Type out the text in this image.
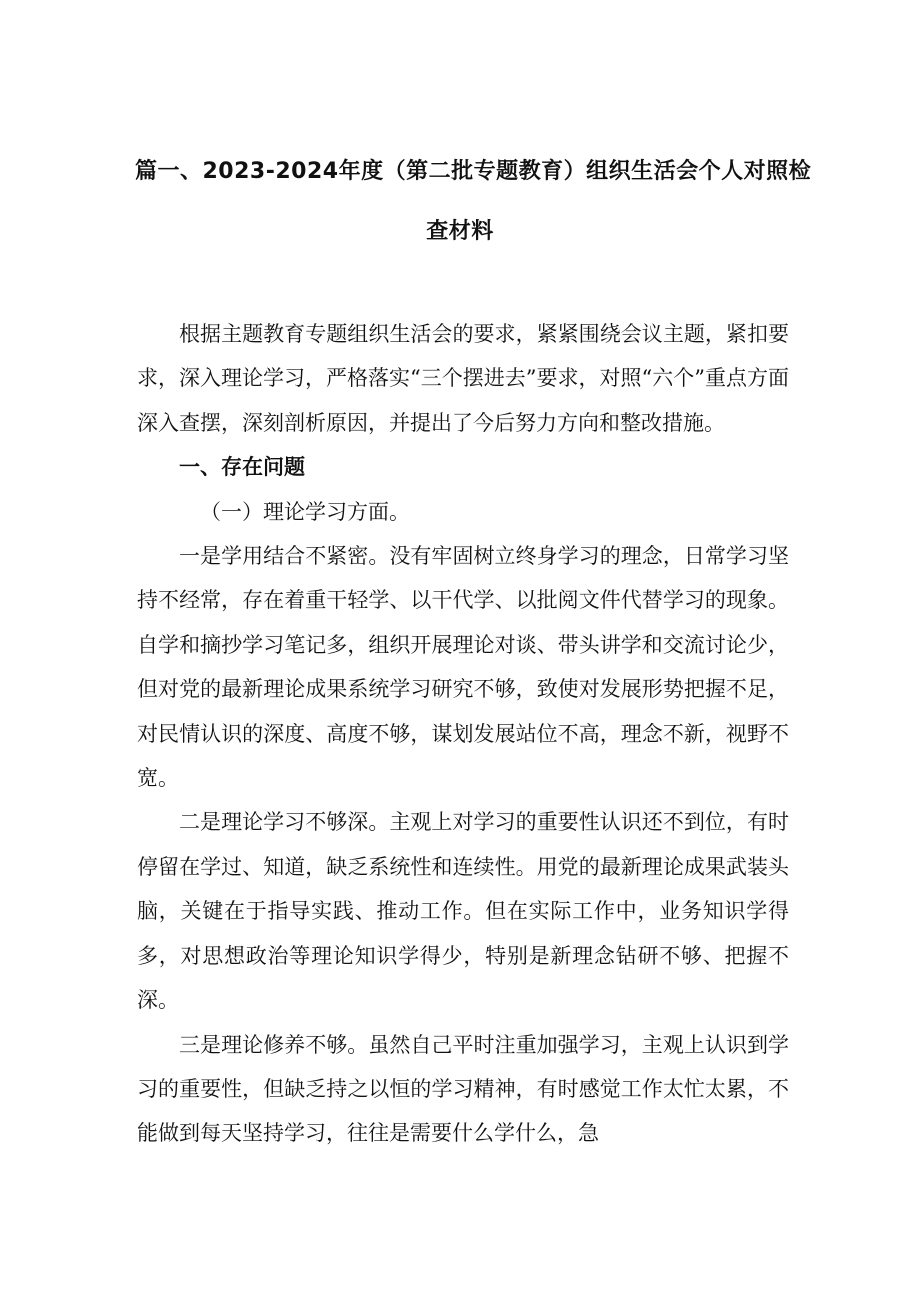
篇一、2023-2024年度（第二批专题教育）组织生活会个人对照检
查材料

根据主题教育专题组织生活会的要求，紧紧围绕会议主题，紧扣要求，深入理论学习，严格落实“三个摆进去”要求，对照“六个”重点方面深入查摆，深刻剖析原因，并提出了今后努力方向和整改措施。

一、存在问题

（一）理论学习方面。

一是学用结合不紧密。没有牢固树立终身学习的理念，日常学习坚持不经常，存在着重干轻学、以干代学、以批阅文件代替学习的现象。自学和摘抄学习笔记多，组织开展理论对谈、带头讲学和交流讨论少，但对党的最新理论成果系统学习研究不够，致使对发展形势把握不足，对民情认识的深度、高度不够，谋划发展站位不高，理念不新，视野不宽。

二是理论学习不够深。主观上对学习的重要性认识还不到位，有时停留在学过、知道，缺乏系统性和连续性。用党的最新理论成果武装头脑，关键在于指导实践、推动工作。但在实际工作中，业务知识学得多，对思想政治等理论知识学得少，特别是新理念钻研不够、把握不深。

三是理论修养不够。虽然自己平时注重加强学习，主观上认识到学习的重要性，但缺乏持之以恒的学习精神，有时感觉工作太忙太累，不能做到每天坚持学习，往往是需要什么学什么，急
